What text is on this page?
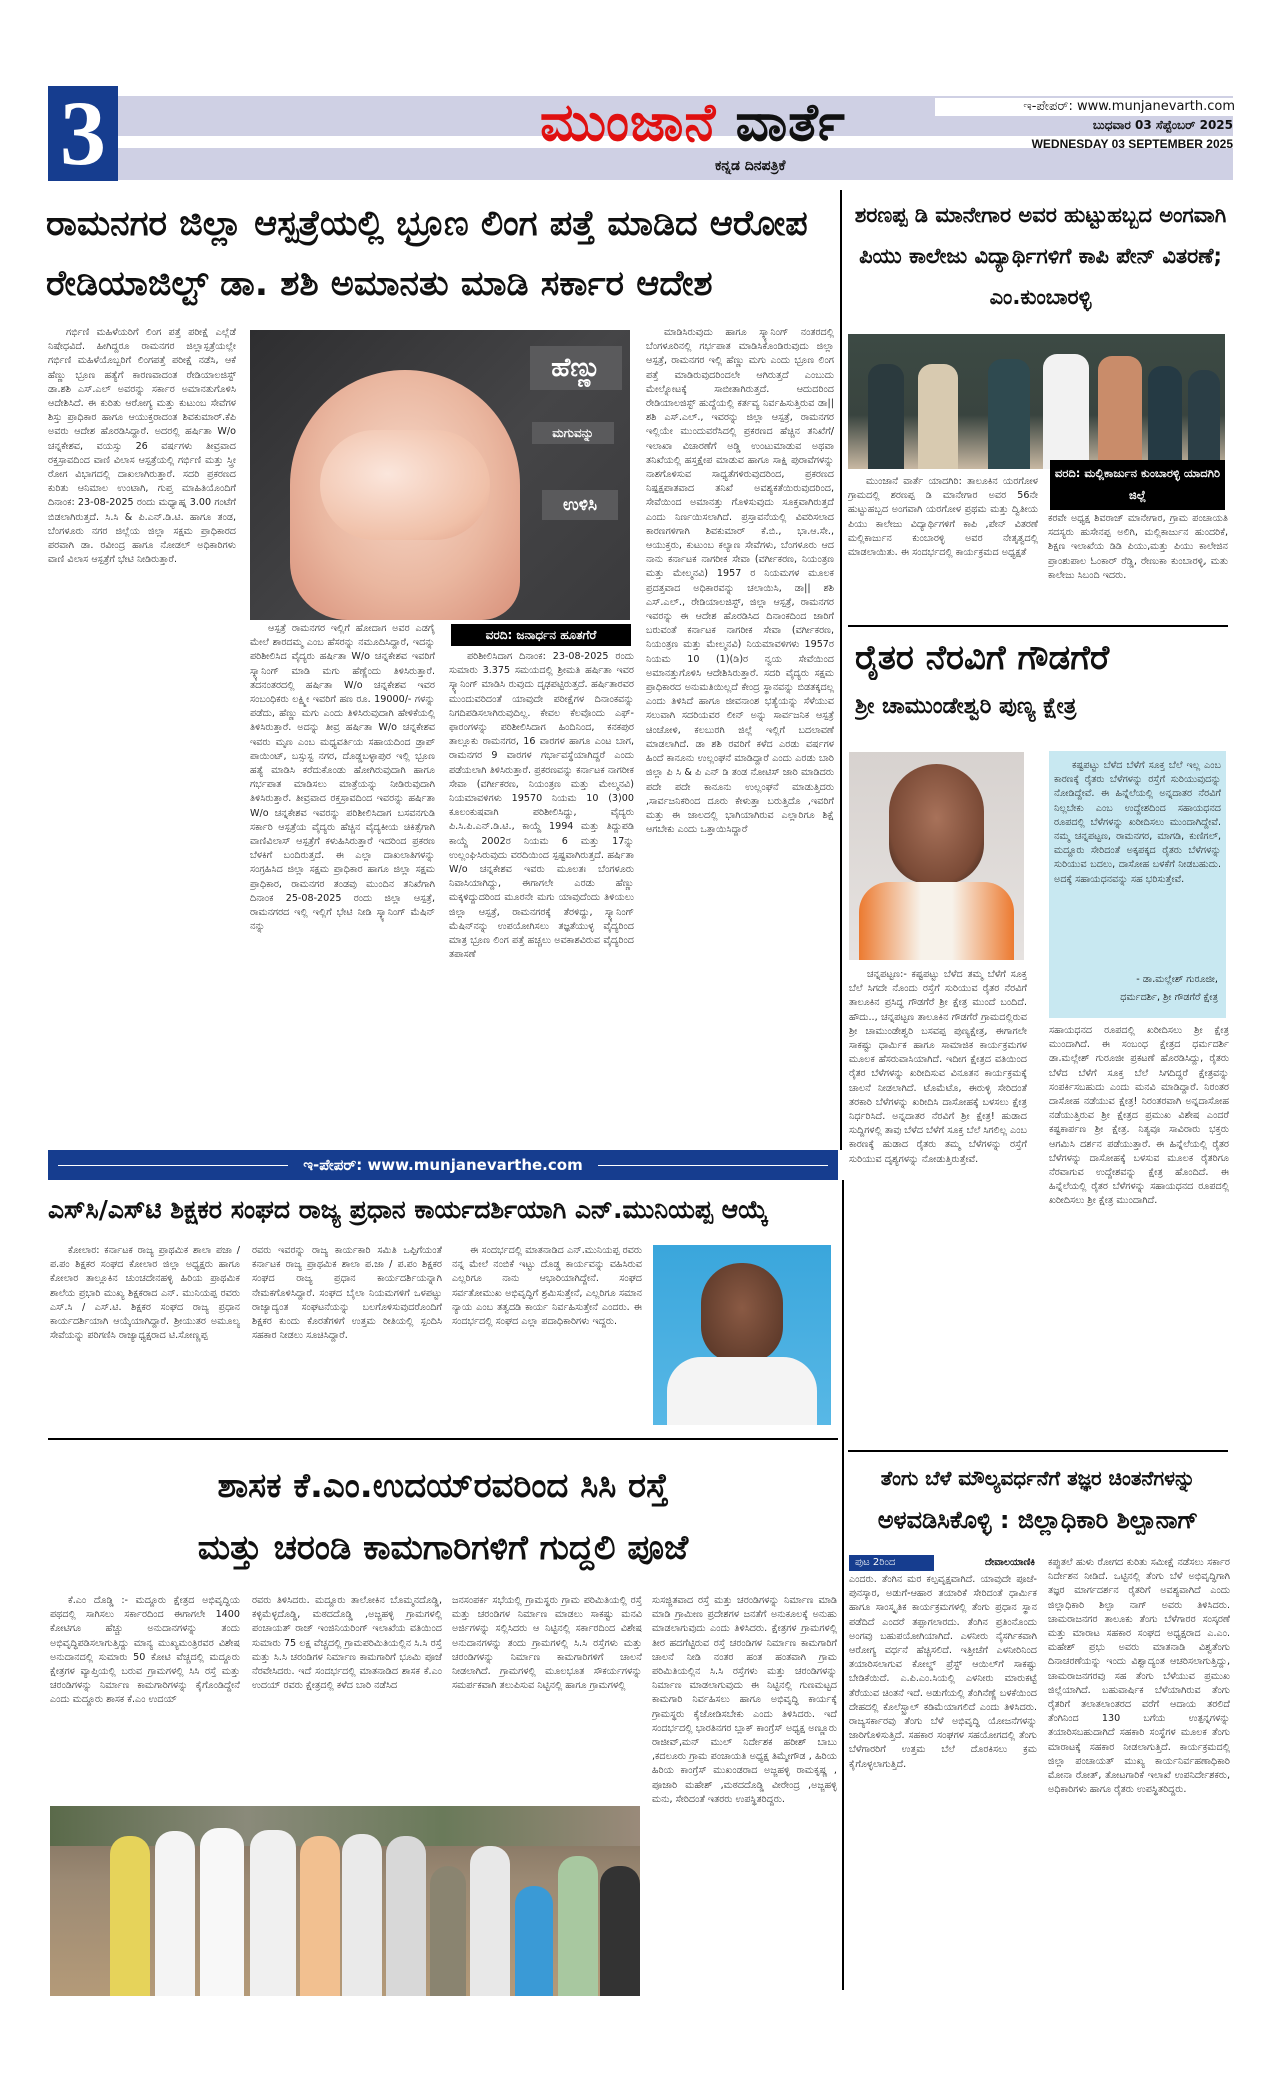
3	ಮುಂಜಾನೆ ವಾರ್ತೆ
ಕನ್ನಡ ದಿನಪತ್ರಿಕೆ
ಇ-ಪೇಪರ್: www.munjanevarth.com
ಬುಧವಾರ 03 ಸೆಪ್ಟೆಂಬರ್ 2025
WEDNESDAY 03 SEPTEMBER 2025
ರಾಮನಗರ ಜಿಲ್ಲಾ ಆಸ್ಪತ್ರೆಯಲ್ಲಿ ಭ್ರೂಣ ಲಿಂಗ ಪತ್ತೆ ಮಾಡಿದ ಆರೋಪ
ರೇಡಿಯಾಜಿಲ್ಟ್ ಡಾ. ಶಶಿ ಅಮಾನತು ಮಾಡಿ ಸರ್ಕಾರ ಆದೇಶ

ಗರ್ಭಿಣಿ ಮಹಿಳೆಯರಿಗೆ ಲಿಂಗ ಪತ್ತೆ ಪರೀಕ್ಷೆ ಎಲ್ಲೆಡೆ ನಿಷೇಧವಿದೆ. ಹೀಗಿದ್ದರೂ ರಾಮನಗರ ಜಿಲ್ಲಾಸ್ಪತ್ರೆಯಲ್ಲೇ ಗರ್ಭಿಣಿ ಮಹಿಳೆಯೊಬ್ಬರಿಗೆ ಲಿಂಗಪತ್ತೆ ಪರೀಕ್ಷೆ ನಡೆಸಿ, ಆಕೆ ಹೆಣ್ಣು ಭ್ರೂಣ ಹತ್ಯೆಗೆ ಕಾರಣವಾದಂತ ರೇಡಿಯಾಲಜಿಸ್ಟ್ ಡಾ.ಶಶಿ ಎಸ್.ಎಲ್ ಅವರನ್ನು ಸರ್ಕಾರ ಅಮಾನತುಗೊಳಿಸಿ ಆದೇಶಿಸಿದೆ. ಈ ಕುರಿತು ಆರೋಗ್ಯ ಮತ್ತು ಕುಟುಂಬ ಸೇವೆಗಳ ಶಿಸ್ತು ಪ್ರಾಧಿಕಾರ ಹಾಗೂ ಆಯುಕ್ತರಾದಂತ ಶಿವಕುಮಾರ್.ಕೆಪಿ ಅವರು ಆದೇಶ ಹೊರಡಿಸಿದ್ದಾರೆ. ಅದರಲ್ಲಿ ಹರ್ಷಿತಾ W/o ಚನ್ನಕೇಶವ, ವಯಸ್ಸು 26 ವರ್ಷಗಳು ತೀವ್ರವಾದ ರಕ್ತಸ್ರಾವದಿಂದ ವಾಣಿ ವಿಲಾಸ ಆಸ್ಪತ್ರೆಯಲ್ಲಿ ಗರ್ಭಿಣಿ ಮತ್ತು ಸ್ತ್ರೀ ರೋಗ ವಿಭಾಗದಲ್ಲಿ ದಾಖಲಾಗಿರುತ್ತಾರೆ. ಸದರಿ ಪ್ರಕರಣದ ಕುರಿತು ಆನಿಮಾಲ ಉಂಟಾಗಿ, ಗುಪ್ತ ಮಾಹಿತಿಯೊಂದಿಗೆ ದಿನಾಂಕ: 23-08-2025 ರಂದು ಮಧ್ಯಾಹ್ನ 3.00 ಗಂಟೆಗೆ ಬಿಡಲಾಗಿರುತ್ತದೆ. ಸಿ.ಸಿ & ಪಿ.ಎನ್.ಡಿ.ಟಿ. ಹಾಗೂ ತಂಡ, ಬೆಂಗಳೂರು ನಗರ ಜಿಲ್ಲೆಯ ಜಿಲ್ಲಾ ಸಕ್ಷಮ ಪ್ರಾಧಿಕಾರದ ಪರವಾಗಿ ಡಾ. ರವೀಂದ್ರ ಹಾಗೂ ನೋಡಲ್ ಅಧಿಕಾರಿಗಳು ವಾಣಿ ವಿಲಾಸ ಆಸ್ಪತ್ರೆಗೆ ಭೇಟಿ ನೀಡಿರುತ್ತಾರೆ.

ಹೆಣ್ಣು
ಮಗುವನ್ನು
ಉಳಿಸಿ

ಆಸ್ಪತ್ರೆ ರಾಮನಗರ ಇಲ್ಲಿಗೆ ಹೋದಾಗ ಅವರ ಎಡಗೈ ಮೇಲೆ ಶಾರದಮ್ಮ ಎಂಬ ಹೆಸರನ್ನು ನಮೂದಿಸಿದ್ದಾರೆ, ಇದನ್ನು ಪರಿಶೀಲಿಸಿದ ವೈದ್ಯರು ಹರ್ಷಿತಾ W/o ಚನ್ನಕೇಶವ ಇವರಿಗೆ ಸ್ಕ್ಯಾನಿಂಗ್ ಮಾಡಿ ಮಗು ಹೆಣ್ಣೆಂದು ತಿಳಿಸಿರುತ್ತಾರೆ. ತದನಂತರದಲ್ಲಿ ಹರ್ಷಿತಾ W/o ಚನ್ನಕೇಶವ ಇವರ ಸಂಬಂಧಿಕರು ಲಕ್ಷ್ಮೀ ಇವರಿಗೆ ಹಣ ರೂ. 19000/- ಗಳನ್ನು ಪಡೆದು, ಹೆಣ್ಣು ಮಗು ಎಂದು ತಿಳಿಸಿರುವುದಾಗಿ ಹೇಳಿಕೆಯಲ್ಲಿ ತಿಳಿಸಿರುತ್ತಾರೆ. ಅದನ್ನು ತೀವ್ರ ಹರ್ಷಿತಾ W/o ಚನ್ನಕೇಶವ ಇವರು ಮೃಣ ಎಂಬ ಮಧ್ಯವರ್ತಿಯ ಸಹಾಯದಿಂದ ಡ್ರಾಪ್ ಪಾಯಿಂಟ್, ಬಸ್ಸುಸ್ಟ ನಗರ, ದೊಡ್ಡಬಳ್ಳಾಪುರ ಇಲ್ಲಿ ಭ್ರೂಣ ಹತ್ಯೆ ಮಾಡಿಸಿ ಕರೆದುಕೊಂಡು ಹೋಗಿರುವುದಾಗಿ ಹಾಗೂ ಗರ್ಭಪಾತ ಮಾಡಿಸಲು ಮಾತ್ರೆಯನ್ನು ನೀಡಿರುವುದಾಗಿ ತಿಳಿಸಿರುತ್ತಾರೆ. ತೀವ್ರವಾದ ರಕ್ತಸ್ರಾವದಿಂದ ಇವರನ್ನು ಹರ್ಷಿತಾ W/o ಚನ್ನಕೇಶವ ಇವರನ್ನು ಪರಿಶೀಲಿಸಿದಾಗ ಬಸವನಗುಡಿ ಸರ್ಕಾರಿ ಆಸ್ಪತ್ರೆಯ ವೈದ್ಯರು ಹೆಚ್ಚಿನ ವೈದ್ಯಕೀಯ ಚಿಕಿತ್ಸೆಗಾಗಿ ವಾಣಿವಿಲಾಸ್ ಆಸ್ಪತ್ರೆಗೆ ಕಳುಹಿಸಿರುತ್ತಾರೆ ಇದರಿಂದ ಪ್ರಕರಣ ಬೆಳಕಿಗೆ ಬಂದಿರುತ್ತದೆ. ಈ ಎಲ್ಲಾ ದಾಖಲಾತಿಗಳನ್ನು ಸಂಗ್ರಹಿಸಿದ ಜಿಲ್ಲಾ ಸಕ್ಷಮ ಪ್ರಾಧಿಕಾರ ಹಾಗೂ ಜಿಲ್ಲಾ ಸಕ್ಷಮ ಪ್ರಾಧಿಕಾರ, ರಾಮನಗರ ತಂಡವು ಮುಂದಿನ ತನಿಖೆಗಾಗಿ ದಿನಾಂಕ 25-08-2025 ರಂದು ಜಿಲ್ಲಾ ಆಸ್ಪತ್ರೆ, ರಾಮನಗರದ ಇಲ್ಲಿ ಇಲ್ಲಿಗೆ ಭೇಟಿ ನೀಡಿ ಸ್ಕ್ಯಾನಿಂಗ್ ಮೆಷಿನ್ ನನ್ನು

ವರದಿ: ಜನಾರ್ಧನ ಹೂತಗೆರೆ

ಪರಿಶೀಲಿಸಿದಾಗ ದಿನಾಂಕ: 23-08-2025 ರಂದು ಸುಮಾರು 3.375 ಸಮಯದಲ್ಲಿ ಶ್ರೀಮತಿ ಹರ್ಷಿತಾ ಇವರ ಸ್ಕ್ಯಾನಿಂಗ್ ಮಾಡಿಸಿ ರುವುದು ದೃಢಪಟ್ಟಿರುತ್ತದೆ. ಹರ್ಷಿತಾರವರ ಮುಂದುವರಿದಂತೆ ಯಾವುದೇ ಪರೀಕ್ಷೆಗಳ ದಿನಾಂಕವನ್ನು ನಿಗದಿಪಡಿಸಲಾಗಿರುವುದಿಲ್ಲ. ಕೇವಲ ಕೆಲವೊಂದು ಎಫ್-ಫಾರಂಗಳನ್ನು ಪರಿಶೀಲಿಸಿದಾಗ ಹಿಂದಿನಿಂದ, ಕನಕಪುರ ತಾಲ್ಲೂಕು ರಾಮನಗರ, 16 ವಾರಗಳ ಹಾಗೂ ಎಂಟ ಬಾಗ, ರಾಮನಗರ 9 ವಾರಗಳ ಗರ್ಭಾವಸ್ಥೆಯಾಗಿದ್ದರೆ ಎಂದು ಪಡೆಯಲಾಗಿ ತಿಳಿಸಿರುತ್ತಾರೆ. ಪ್ರಕರಣವನ್ನು ಕರ್ನಾಟಕ ನಾಗರೀಕ ಸೇವಾ (ವರ್ಗೀಕರಣ, ನಿಯಂತ್ರಣ ಮತ್ತು ಮೇಲ್ಮನವಿ) ನಿಯಮಾವಳಿಗಳು 19570 ನಿಯಮ 10 (3)00 ಕೂಲಂಕುಷವಾಗಿ ಪರಿಶೀಲಿಸಿದ್ದು, ವೈದ್ಯರು ಪಿ.ಸಿ.ಪಿ.ಎನ್.ಡಿ.ಟಿ., ಕಾಯ್ದೆ 1994 ಮತ್ತು ತಿದ್ದುಪಡಿ ಕಾಯ್ದೆ 2002ರ ನಿಯಮ 6 ಮತ್ತು 17ನ್ನು ಉಲ್ಲಂಘಿಸಿರುವುದು ವರದಿಯಿಂದ ಸ್ಪಷ್ಟವಾಗಿರುತ್ತದೆ. ಹರ್ಷಿತಾ W/o ಚನ್ನಕೇಶವ ಇವರು ಮೂಲತಃ ಬೆಂಗಳೂರು ನಿವಾಸಿಯಾಗಿದ್ದು, ಈಗಾಗಲೇ ಎರಡು ಹೆಣ್ಣು ಮಕ್ಕಳಿದ್ದುದರಿಂದ ಮೂರನೇ ಮಗು ಯಾವುದೆಂದು ತಿಳಿಯಲು ಜಿಲ್ಲಾ ಆಸ್ಪತ್ರೆ, ರಾಮನಗರಕ್ಕೆ ತೆರಳಿದ್ದು, ಸ್ಕ್ಯಾನಿಂಗ್ ಮೆಷಿನ್‌ನನ್ನು ಉಪಯೋಗಿಸಲು ತಜ್ಞತೆಯುಳ್ಳ ವೈದ್ಯರಿಂದ ಮಾತ್ರ ಭ್ರೂಣ ಲಿಂಗ ಪತ್ತೆ ಹಚ್ಚಲು ಅವಕಾಶವಿರುವ ವೈದ್ಯರಿಂದ ತಪಾಸಣೆ

ಮಾಡಿಸಿರುವುದು ಹಾಗೂ ಸ್ಕ್ಯಾನಿಂಗ್ ನಂತರದಲ್ಲಿ ಬೆಂಗಳೂರಿನಲ್ಲಿ ಗರ್ಭಪಾತ ಮಾಡಿಸಿಕೊಂಡಿರುವುದು ಜಿಲ್ಲಾ ಆಸ್ಪತ್ರೆ, ರಾಮನಗರ ಇಲ್ಲಿ ಹೆಣ್ಣು ಮಗು ಎಂದು ಭ್ರೂಣ ಲಿಂಗ ಪತ್ತೆ ಮಾಡಿರುವುದರಿಂದಲೇ ಆಗಿರುತ್ತದೆ ಎಂಬುದು ಮೇಲ್ನೋಟಕ್ಕೆ ಸಾಬೀತಾಗಿರುತ್ತದೆ. ಆದುದರಿಂದ ರೇಡಿಯಾಲಜಿಸ್ಟ್ ಹುದ್ದೆಯಲ್ಲಿ ಕರ್ತವ್ಯ ನಿರ್ವಹಿಸುತ್ತಿರುವ ಡಾ|| ಶಶಿ ಎಸ್.ಎಲ್., ಇವರನ್ನು ಜಿಲ್ಲಾ ಆಸ್ಪತ್ರೆ, ರಾಮನಗರ ಇಲ್ಲಿಯೇ ಮುಂದುವರೆಸಿದಲ್ಲಿ ಪ್ರಕರಣದ ಹೆಚ್ಚಿನ ತನಿಖೆಗೆ/ಇಲಾಖಾ ವಿಚಾರಣೆಗೆ ಅಡ್ಡಿ ಉಂಟುಮಾಡುವ ಅಥವಾ ತನಿಖೆಯಲ್ಲಿ ಹಸ್ತಕ್ಷೇಪ ಮಾಡುವ ಹಾಗೂ ಸಾಕ್ಷಿ ಪುರಾವೆಗಳನ್ನು ನಾಶಗೊಳಿಸುವ ಸಾಧ್ಯತೆಗಳಿರುವುದರಿಂದ, ಪ್ರಕರಣದ ನಿಷ್ಪಕ್ಷಪಾತವಾದ ತನಿಖೆ ಅವಶ್ಯಕತೆಯಿರುವುದರಿಂದ, ಸೇವೆಯಿಂದ ಅಮಾನತ್ತು ಗೊಳಿಸುವುದು ಸೂಕ್ತವಾಗಿರುತ್ತದೆ ಎಂದು ನಿರ್ಣಯಿಸಲಾಗಿದೆ. ಪ್ರಸ್ತಾವನೆಯಲ್ಲಿ ವಿವರಿಸಲಾದ ಕಾರಣಗಳಿಗಾಗಿ ಶಿವಕುಮಾರ್ ಕೆ.ಬಿ., ಭಾ.ಆ.ಸೇ., ಆಯುಕ್ತರು, ಕುಟುಂಬ ಕಲ್ಯಾಣ ಸೇವೆಗಳು, ಬೆಂಗಳೂರು ಆದ ನಾನು ಕರ್ನಾಟಕ ನಾಗರೀಕ ಸೇವಾ (ವರ್ಗೀಕರಣ, ನಿಯಂತ್ರಣ ಮತ್ತು ಮೇಲ್ಮನವಿ) 1957 ರ ನಿಯಮಗಳ ಮೂಲಕ ಪ್ರದತ್ತವಾದ ಅಧಿಕಾರವನ್ನು ಚಲಾಯಿಸಿ, ಡಾ|| ಶಶಿ ಎಸ್.ಎಲ್., ರೇಡಿಯಾಲಜಿಸ್ಟ್, ಜಿಲ್ಲಾ ಆಸ್ಪತ್ರೆ, ರಾಮನಗರ ಇವರನ್ನು ಈ ಆದೇಶ ಹೊರಡಿಸಿದ ದಿನಾಂಕದಿಂದ ಜಾರಿಗೆ ಬರುವಂತೆ ಕರ್ನಾಟಕ ನಾಗರೀಕ ಸೇವಾ (ವರ್ಗೀಕರಣ, ನಿಯಂತ್ರಣ ಮತ್ತು ಮೇಲ್ಮನವಿ) ನಿಯಮಾವಳಿಗಳು 1957ರ ನಿಯಮ 10 (1)(ಡಿ)ರ ನ್ವಯ ಸೇವೆಯಿಂದ ಅಮಾನತ್ತುಗೊಳಿಸಿ ಆದೇಶಿಸಿರುತ್ತಾರೆ. ಸದರಿ ವೈದ್ಯರು ಸಕ್ಷಮ ಪ್ರಾಧಿಕಾರದ ಅನುಮತಿಯಿಲ್ಲದೆ ಕೇಂದ್ರ ಸ್ಥಾನವನ್ನು ಬಿಡತಕ್ಕದಲ್ಲ ಎಂದು ತಿಳಿಸಿದೆ ಹಾಗೂ ಜೀವನಾಂಶ ಭತ್ಯೆಯನ್ನು ಸೆಳೆಯುವ ಸಲುವಾಗಿ ಸದರಿಯವರ ಲೀನ್ ಅನ್ನು ಸಾರ್ವಜನಿಕ ಆಸ್ಪತ್ರೆ ಚಿಂಚೋಳಿ, ಕಲಬುರಗಿ ಜಿಲ್ಲೆ ಇಲ್ಲಿಗೆ ಬದಲಾವಣೆ ಮಾಡಲಾಗಿದೆ. ಡಾ ಶಶಿ ರವರಿಗೆ ಕಳೆದ ಎರಡು ವರ್ಷಗಳ ಹಿಂದೆ ಕಾನೂನು ಉಲ್ಲಂಘನೆ ಮಾಡಿದ್ದಾರೆ ಎಂದು ಎರಡು ಬಾರಿ ಜಿಲ್ಲಾ ಪಿ ಸಿ & ಪಿ ಎನ್ ಡಿ ತಂಡ ನೋಟಿಸ್ ಜಾರಿ ಮಾಡಿದರು ಪದೇ ಪದೇ ಕಾನೂನು ಉಲ್ಲಂಘನೆ ಮಾಡುತ್ತಿದರು ,ಸಾರ್ವಜನಿಕರಿಂದ ದೂರು ಕೇಳುತ್ತಾ ಬರುತ್ತಿದೊ ,ಇವರಿಗೆ ಮತ್ತು ಈ ಜಾಲದಲ್ಲಿ ಭಾಗಿಯಾಗಿರುವ ಎಲ್ಲಾರಿಗೂ ಶಿಕ್ಷೆ ಆಗಬೇಕು ಎಂದು ಒತ್ತಾಯಿಸಿದ್ದಾರೆ

ಶರಣಪ್ಪ ಡಿ ಮಾನೇಗಾರ ಅವರ ಹುಟ್ಟುಹಬ್ಬದ ಅಂಗವಾಗಿ ಪಿಯು ಕಾಲೇಜು ವಿದ್ಯಾರ್ಥಿಗಳಿಗೆ ಕಾಪಿ ಪೇನ್ ವಿತರಣೆ; ಎಂ.ಕುಂಬಾರಳ್ಳಿ
ವರದಿ: ಮಲ್ಲಿಕಾರ್ಜುನ ಕುಂಬಾರಳ್ಳಿ ಯಾದಗಿರಿ ಜಿಲ್ಲೆ

ಮುಂಜಾನೆ ವಾರ್ತೆ ಯಾದಗಿರಿ: ತಾಲೂಕಿನ ಯರಗೋಳ ಗ್ರಾಮದಲ್ಲಿ ಶರಣಪ್ಪ ಡಿ ಮಾನೇಗಾರ ಅವರ 56ನೇ ಹುಟ್ಟುಹಬ್ಬದ ಅಂಗವಾಗಿ ಯರಗೋಳ ಪ್ರಥಮ ಮತ್ತು ದ್ವಿತೀಯ ಪಿಯು ಕಾಲೇಜು ವಿದ್ಯಾರ್ಥಿಗಳಿಗೆ ಕಾಪಿ ,ಪೇನ್ ವಿತರಣೆ ಮಲ್ಲಿಕಾರ್ಜುನ ಕುಂಬಾರಳ್ಳಿ ಅವರ ನೇತೃತ್ವದಲ್ಲಿ ಮಾಡಲಾಯಿತು. ಈ ಸಂದರ್ಭದಲ್ಲಿ ಕಾರ್ಯಕ್ರಮದ ಅಧ್ಯಕ್ಷತೆ

ಕರವೇ ಅಧ್ಯಕ್ಷ ಶಿವರಾಜ್ ಮಾನೇಗಾರ, ಗ್ರಾಮ ಪಂಚಾಯತಿ ಸದಸ್ಯರು ಹುಸೇನಪ್ಪ ಅಲಿಗಿ, ಮಲ್ಲಿಕಾರ್ಜುನ ಹುಂದರಿಕೆ, ಶಿಕ್ಷಣ ಇಲಾಖೆಯ ಡಿಡಿ ಪಿಯು,ಮತ್ತು ಪಿಯು ಕಾಲೇಜಿನ ಪ್ರಾಂಶುಪಾಲ ಓಂಕಾರ್ ರೆಡ್ಡಿ, ರೇಣುಕಾ ಕುಂಬಾರಳ್ಳಿ, ಮತು ಕಾಲೇಜು ಸಿಬಂದಿ ಇದರು.

ರೈತರ ನೆರವಿಗೆ ಗೌಡಗೆರೆ
ಶ್ರೀ ಚಾಮುಂಡೇಶ್ವರಿ ಪುಣ್ಯ ಕ್ಷೇತ್ರ

ಚನ್ನಪಟ್ಟಣ:- ಕಷ್ಟಪಟ್ಟು ಬೆಳೆದ ತಮ್ಮ ಬೆಳೆಗೆ ಸೂಕ್ತ ಬೆಲೆ ಸಿಗದೇ ನೊಂದು ರಸ್ತೆಗೆ ಸುರಿಯುವ ರೈತರ ನೆರವಿಗೆ ತಾಲೂಕಿನ ಪ್ರಸಿದ್ಧ ಗೌಡಗೆರೆ ಶ್ರೀ ಕ್ಷೇತ್ರ ಮುಂದೆ ಬಂದಿದೆ. ಹೌದು.., ಚನ್ನಪಟ್ಟಣ ತಾಲೂಕಿನ ಗೌಡಗೆರೆ ಗ್ರಾಮದಲ್ಲಿರುವ ಶ್ರೀ ಚಾಮುಂಡೇಶ್ವರಿ ಬಸವಪ್ಪ ಪುಣ್ಯಕ್ಷೇತ್ರ, ಈಗಾಗಲೇ ಸಾಕಷ್ಟು ಧಾರ್ಮಿಕ ಹಾಗೂ ಸಾಮಾಜಿಕ ಕಾರ್ಯಕ್ರಮಗಳ ಮೂಲಕ ಹೆಸರುವಾಸಿಯಾಗಿದೆ. ಇದೀಗ ಕ್ಷೇತ್ರದ ವತಿಯಿಂದ ರೈತರ ಬೆಳೆಗಳನ್ನು ಖರೀದಿಸುವ ವಿನೂತನ ಕಾರ್ಯಕ್ರಮಕ್ಕೆ ಚಾಲನೆ ನೀಡಲಾಗಿದೆ. ಟೊಮೆಟೊ, ಈರುಳ್ಳಿ ಸೇರಿದಂತೆ ತರಕಾರಿ ಬೆಳೆಗಳನ್ನು ಖರೀದಿಸಿ ದಾಸೋಹಕ್ಕೆ ಬಳಸಲು ಕ್ಷೇತ್ರ ನಿರ್ಧರಿಸಿದೆ. ಅನ್ನದಾತರ ನೆರವಿಗೆ ಶ್ರೀ ಕ್ಷೇತ್ರ! ಹುಡಾದ ಸುದ್ದಿಗಳಲ್ಲಿ ತಾವು ಬೆಳೆದ ಬೆಳೆಗೆ ಸೂಕ್ತ ಬೆಲೆ ಸಿಗಲಿಲ್ಲ ಎಂಬ ಕಾರಣಕ್ಕೆ ಹುಡಾದ ರೈತರು ತಮ್ಮ ಬೆಳೆಗಳನ್ನು ರಸ್ತೆಗೆ ಸುರಿಯುವ ದೃಶ್ಯಗಳನ್ನು ನೋಡುತ್ತಿರುತ್ತೇವೆ.

ಕಷ್ಟಪಟ್ಟು ಬೆಳೆದ ಬೆಳೆಗೆ ಸೂಕ್ತ ಬೆಲೆ ಇಲ್ಲ ಎಂಬ ಕಾರಣಕ್ಕೆ ರೈತರು ಬೆಳೆಗಳನ್ನು ರಸ್ತೆಗೆ ಸುರಿಯುವುದನ್ನು ನೋಡಿದ್ದೇವೆ. ಈ ಹಿನ್ನೆಲೆಯಲ್ಲಿ ಅನ್ನದಾತರ ನೆರವಿಗೆ ನಿಲ್ಲಬೇಕು ಎಂಬ ಉದ್ದೇಶದಿಂದ ಸಹಾಯಧನದ ರೂಪದಲ್ಲಿ ಬೆಳೆಗಳನ್ನು ಖರೀದಿಸಲು ಮುಂದಾಗಿದ್ದೇವೆ. ನಮ್ಮ ಚನ್ನಪಟ್ಟಣ, ರಾಮನಗರ, ಮಾಗಡಿ, ಕುಣಿಗಲ್, ಮದ್ದೂರು ಸೇರಿದಂತೆ ಅಕ್ಕಪಕ್ಕದ ರೈತರು ಬೆಳೆಗಳನ್ನು ಸುರಿಯುವ ಬದಲು, ದಾಸೋಹ ಬಳಕೆಗೆ ನೀಡಬಹುದು. ಅದಕ್ಕೆ ಸಹಾಯಧನವನ್ನು ಸಹ ಭರಿಸುತ್ತೇವೆ.

- ಡಾ.ಮಲ್ಲೇಶ್ ಗುರೂಜೀ,
ಧರ್ಮದರ್ಶಿ, ಶ್ರೀ ಗೌಡಗೆರೆ ಕ್ಷೇತ್ರ

ಸಹಾಯಧನದ ರೂಪದಲ್ಲಿ ಖರೀದಿಸಲು ಶ್ರೀ ಕ್ಷೇತ್ರ ಮುಂದಾಗಿದೆ. ಈ ಸಂಬಂಧ ಕ್ಷೇತ್ರದ ಧರ್ಮದರ್ಶಿ ಡಾ.ಮಲ್ಲೇಶ್ ಗುರೂಜೀ ಪ್ರಕಟಣೆ ಹೊರಡಿಸಿದ್ದು, ರೈತರು ಬೆಳೆದ ಬೆಳೆಗೆ ಸೂಕ್ತ ಬೆಲೆ ಸಿಗದಿದ್ದರೆ ಕ್ಷೇತ್ರವನ್ನು ಸಂಪರ್ಕಿಸಬಹುದು ಎಂದು ಮನವಿ ಮಾಡಿದ್ದಾರೆ. ನಿರಂತರ ದಾಸೋಹ ನಡೆಯುವ ಕ್ಷೇತ್ರ! ನಿರಂತರವಾಗಿ ಅನ್ನದಾಸೋಹ ನಡೆಯುತ್ತಿರುವ ಶ್ರೀ ಕ್ಷೇತ್ರದ ಪ್ರಮುಖ ವಿಶೇಷ ಎಂದರೆ ಕಷ್ಟಕಾರ್ಪಣ ಶ್ರೀ ಕ್ಷೇತ್ರ. ನಿತ್ಯವೂ ಸಾವಿರಾರು ಭಕ್ತರು ಆಗಮಿಸಿ ದರ್ಶನ ಪಡೆಯುತ್ತಾರೆ. ಈ ಹಿನ್ನೆಲೆಯಲ್ಲಿ ರೈತರ ಬೆಳೆಗಳನ್ನು ದಾಸೋಹಕ್ಕೆ ಬಳಸುವ ಮೂಲಕ ರೈತರಿಗೂ ನೆರವಾಗುವ ಉದ್ದೇಶವನ್ನು ಕ್ಷೇತ್ರ ಹೊಂದಿದೆ. ಈ ಹಿನ್ನೆಲೆಯಲ್ಲಿ ರೈತರ ಬೆಳೆಗಳನ್ನು ಸಹಾಯಧನದ ರೂಪದಲ್ಲಿ ಖರೀದಿಸಲು ಶ್ರೀ ಕ್ಷೇತ್ರ ಮುಂದಾಗಿದೆ.

ಇ-ಪೇಪರ್: www.munjanevarthe.com
ಎಸ್‌ಸಿ/ಎಸ್‌ಟಿ ಶಿಕ್ಷಕರ ಸಂಘದ ರಾಜ್ಯ ಪ್ರಧಾನ ಕಾರ್ಯದರ್ಶಿಯಾಗಿ ಎನ್.ಮುನಿಯಪ್ಪ ಆಯ್ಕೆ

ಕೋಲಾರ: ಕರ್ನಾಟಕ ರಾಜ್ಯ ಪ್ರಾಥಮಿಕ ಶಾಲಾ ಪಜಾ / ಪ.ಪಂ ಶಿಕ್ಷಕರ ಸಂಘದ ಕೋಲಾರ ಜಿಲ್ಲಾ ಅಧ್ಯಕ್ಷರು ಹಾಗೂ ಕೋಲಾರ ತಾಲ್ಲೂಕಿನ ಚುಂಚದೇನಹಳ್ಳಿ ಹಿರಿಯ ಪ್ರಾಥಮಿಕ ಶಾಲೆಯ ಪ್ರಭಾರಿ ಮುಖ್ಯ ಶಿಕ್ಷಕರಾದ ಎನ್. ಮುನಿಯಪ್ಪ ರವರು ಎಸ್.ಸಿ / ಎಸ್.ಟಿ. ಶಿಕ್ಷಕರ ಸಂಘದ ರಾಜ್ಯ ಪ್ರಧಾನ ಕಾರ್ಯದರ್ಶಿಯಾಗಿ ಆಯ್ಕೆಯಾಗಿದ್ದಾರೆ. ಶ್ರೀಯುತರ ಅಮೂಲ್ಯ ಸೇವೆಯನ್ನು ಪರಿಗಣಿಸಿ ರಾಜ್ಯಾಧ್ಯಕ್ಷರಾದ ಟಿ.ಸೋಣ್ಣಪ್ಪ

ರವರು ಇವರನ್ನು ರಾಜ್ಯ ಕಾರ್ಯಕಾರಿ ಸಮಿತಿ ಒಪ್ಪಿಗೆಯಂತೆ ಕರ್ನಾಟಕ ರಾಜ್ಯ ಪ್ರಾಥಮಿಕ ಶಾಲಾ ಪ.ಜಾ / ಪ.ಪಂ ಶಿಕ್ಷಕರ ಸಂಘದ ರಾಜ್ಯ ಪ್ರಧಾನ ಕಾರ್ಯದರ್ಶಿಯನ್ನಾಗಿ ನೇಮಕಗೊಳಿಸಿದ್ದಾರೆ. ಸಂಘದ ಬೈಲಾ ನಿಯಮಗಳಿಗೆ ಒಳಪಟ್ಟು ರಾಜ್ಯಾದ್ಯಂತ ಸಂಘಟನೆಯನ್ನು ಬಲಗೊಳಿಸುವುದರೊಂದಿಗೆ ಶಿಕ್ಷಕರ ಕುಂದು ಕೊರತೆಗಳಿಗೆ ಉತ್ತಮ ರೀತಿಯಲ್ಲಿ ಸ್ಪಂದಿಸಿ ಸಹಕಾರ ನೀಡಲು ಸೂಚಿಸಿದ್ದಾರೆ.

ಈ ಸಂದರ್ಭದಲ್ಲಿ ಮಾತನಾಡಿದ ಎನ್.ಮುನಿಯಪ್ಪ ರವರು ನನ್ನ ಮೇಲೆ ನಂಬಿಕೆ ಇಟ್ಟು ದೊಡ್ಡ ಕಾರ್ಯವನ್ನು ವಹಿಸಿರುವ ಎಲ್ಲರಿಗೂ ನಾನು ಆಭಾರಿಯಾಗಿದ್ದೇನೆ. ಸಂಘದ ಸರ್ವತೋಮುಖ ಅಭಿವೃದ್ಧಿಗೆ ಶ್ರಮಿಸುತ್ತೇನೆ, ಎಲ್ಲರಿಗೂ ಸಮಾನ ನ್ಯಾಯ ಎಂಬ ತತ್ವದಡಿ ಕಾರ್ಯ ನಿರ್ವಹಿಸುತ್ತೇನೆ ಎಂದರು. ಈ ಸಂದರ್ಭದಲ್ಲಿ ಸಂಘದ ಎಲ್ಲಾ ಪದಾಧಿಕಾರಿಗಳು ಇದ್ದರು.

ಶಾಸಕ ಕೆ.ಎಂ.ಉದಯ್‌ರವರಿಂದ ಸಿಸಿ ರಸ್ತೆ
ಮತ್ತು ಚರಂಡಿ ಕಾಮಗಾರಿಗಳಿಗೆ ಗುದ್ದಲಿ ಪೂಜೆ

ಕೆ.ಎಂ ದೊಡ್ಡಿ :- ಮದ್ದೂರು ಕ್ಷೇತ್ರದ ಅಭಿವೃದ್ಧಿಯ ಪಥದಲ್ಲಿ ಸಾಗಿಸಲು ಸರ್ಕಾರದಿಂದ ಈಗಾಗಲೇ 1400 ಕೋಟಿಗೂ ಹೆಚ್ಚು ಅನುದಾನಗಳನ್ನು ತಂದು ಅಭಿವೃದ್ಧಿಪಡಿಸಲಾಗುತ್ತಿದ್ದು ಮಾನ್ಯ ಮುಖ್ಯಮಂತ್ರಿರವರ ವಿಶೇಷ ಅನುದಾನದಲ್ಲಿ ಸುಮಾರು 50 ಕೋಟಿ ವೆಚ್ಚದಲ್ಲಿ ಮದ್ದೂರು ಕ್ಷೇತ್ರಗಳ ವ್ಯಾಪ್ತಿಯಲ್ಲಿ ಬರುವ ಗ್ರಾಮಗಳಲ್ಲಿ ಸಿಸಿ ರಸ್ತೆ ಮತ್ತು ಚರಂಡಿಗಳನ್ನು ನಿರ್ಮಾಣ ಕಾಮಗಾರಿಗಳನ್ನು ಕೈಗೊಂಡಿದ್ದೇನೆ ಎಂದು ಮದ್ದೂರು ಶಾಸಕ ಕೆ.ಎಂ ಉದಯ್

ರವರು ತಿಳಿಸಿದರು. ಮದ್ದೂರು ತಾಲೋಕಿನ ಬೊಮ್ಮನದೊಡ್ಡಿ, ಕಳ್ಳಿಮೆಳ್ಳದೊಡ್ಡಿ, ಮಠದದೊಡ್ಡಿ ,ಅಜ್ಜಹಳ್ಳಿ ಗ್ರಾಮಗಳಲ್ಲಿ ಪಂಚಾಯತ್ ರಾಜ್ ಇಂಜಿನಿಯರಿಂಗ್ ಇಲಾಖೆಯ ವತಿಯಿಂದ ಸುಮಾರು 75 ಲಕ್ಷ ವೆಚ್ಚದಲ್ಲಿ ಗ್ರಾಮಪರಿಮಿತಿಯಲ್ಲಿನ ಸಿ.ಸಿ ರಸ್ತೆ ಮತ್ತು ಸಿ.ಸಿ ಚರಂಡಿಗಳ ನಿರ್ಮಾಣ ಕಾಮಗಾರಿಗೆ ಭೂಮಿ ಪೂಜೆ ನೆರವೇಸಿದರು. ಇದೆ ಸಂದರ್ಭದಲ್ಲಿ ಮಾತನಾಡಿದ ಶಾಸಕ ಕೆ.ಎಂ ಉದಯ್ ರವರು ಕ್ಷೇತ್ರದಲ್ಲಿ ಕಳೆದ ಬಾರಿ ನಡೆಸಿದ

ಜನಸಂಪರ್ಕ ಸಭೆಯಲ್ಲಿ ಗ್ರಾಮಸ್ಥರು ಗ್ರಾಮ ಪರಿಮಿತಿಯಲ್ಲಿ ರಸ್ತೆ ಮತ್ತು ಚರಂಡಿಗಳ ನಿರ್ಮಾಣ ಮಾಡಲು ಸಾಕಷ್ಟು ಮನವಿ ಅರ್ಜಿಗಳನ್ನು ಸಲ್ಲಿಸಿದರು ಆ ನಿಟ್ಟಿನಲ್ಲಿ ಸರ್ಕಾರದಿಂದ ವಿಶೇಷ ಅನುದಾನಗಳನ್ನು ತಂದು ಗ್ರಾಮಗಳಲ್ಲಿ ಸಿ.ಸಿ ರಸ್ತೆಗಳು ಮತ್ತು ಚರಂಡಿಗಳನ್ನು ನಿರ್ಮಾಣ ಕಾಮಗಾರಿಗಳಿಗೆ ಚಾಲನೆ ನೀಡಲಾಗಿದೆ. ಗ್ರಾಮಗಳಲ್ಲಿ ಮೂಲಭೂತ ಸೌಕರ್ಯಗಳನ್ನು ಸಮರ್ಪಕವಾಗಿ ತಲುಪಿಸುವ ನಿಟ್ಟಿನಲ್ಲಿ ಹಾಗೂ ಗ್ರಾಮಗಳಲ್ಲಿ

ಸುಸಜ್ಜಿತವಾದ ರಸ್ತೆ ಮತ್ತು ಚರಂಡಿಗಳನ್ನು ನಿರ್ಮಾಣ ಮಾಡಿ ಮಾಡಿ ಗ್ರಾಮೀಣ ಪ್ರದೇಶಗಳ ಜನತೆಗೆ ಅನುಕೂಲಕ್ಕೆ ಅನುಹು ಮಾಡಲಾಗುವುದು ಎಂದು ತಿಳಿಸಿದರು. ಕ್ಷೇತ್ರಗಳ ಗ್ರಾಮಗಳಲ್ಲಿ ತೀರ ಹದಗೆಟ್ಟಿರುವ ರಸ್ತೆ ಚರಂಡಿಗಳ ನಿರ್ಮಾಣ ಕಾಮಗಾರಿಗೆ ಚಾಲನೆ ನೀಡಿ ನಂತರ ಹಂತ ಹಂತವಾಗಿ ಗ್ರಾಮ ಪರಿಮಿತಿಯಲ್ಲಿನ ಸಿ.ಸಿ ರಸ್ತೆಗಳು ಮತ್ತು ಚರಂಡಿಗಳನ್ನು ನಿರ್ಮಾಣ ಮಾಡಲಾಗುವುದು ಈ ನಿಟ್ಟಿನಲ್ಲಿ ಗುಣಮಟ್ಟದ ಕಾಮಗಾರಿ ನಿರ್ವಹಿಸಲು ಹಾಗೂ ಅಭಿವೃದ್ಧಿ ಕಾರ್ಯಕ್ಕೆ ಗ್ರಾಮಸ್ಥರು ಕೈಜೋಡಿಸಬೇಕು ಎಂದು ತಿಳಿಸಿದರು. ಇದೆ ಸಂದರ್ಭದಲ್ಲಿ ಭಾರತಿನಗರ ಬ್ಲಾಕ್ ಕಾಂಗ್ರೆಸ್ ಅಧ್ಯಕ್ಷ ಅಣ್ಣೂರು ರಾಜೀವ್,ಮನ್ ಮುಲ್ ನಿರ್ದೇಶಕ ಹರೀಶ್ ಬಾಬು ,ಕದಲೂರು ಗ್ರಾಮ ಪಂಚಾಯತಿ ಅಧ್ಯಕ್ಷ ತಿಮ್ಮೇಗೌಡ , ಹಿರಿಯ ಹಿರಿಯ ಕಾಂಗ್ರೆಸ್ ಮುಖಂಡರಾದ ಅಜ್ಜಹಳ್ಳಿ ರಾಮಕೃಷ್ಣ , ಪೂಜಾರಿ ಮಹೇಶ್ ,ಮಠದದೊಡ್ಡಿ ವೀರೇಂದ್ರ ,ಅಜ್ಜಹಳ್ಳಿ ಮನು, ಸೇರಿದಂತೆ ಇತರರು ಉಪಸ್ಥಿತರಿದ್ದರು.

ತೆಂಗು ಬೆಳೆ ಮೌಲ್ಯವರ್ಧನೆಗೆ ತಜ್ಞರ ಚಿಂತನೆಗಳನ್ನು
ಅಳವಡಿಸಿಕೊಳ್ಳಿ : ಜಿಲ್ಲಾಧಿಕಾರಿ ಶಿಲ್ಪಾನಾಗ್
ಪುಟ 2ರಿಂದ	ದೇವಾಲಯಾಣಿಕಿ

ಎಂದರು. ತೆಂಗಿನ ಮರ ಕಲ್ಪವೃಕ್ಷವಾಗಿದೆ. ಯಾವುದೇ ಪೂಜೆ-ಪುನಸ್ಕಾರ, ಅಡುಗೆ-ಆಹಾರ ತಯಾರಿಕೆ ಸೇರಿದಂತೆ ಧಾರ್ಮಿಕ ಹಾಗೂ ಸಾಂಸ್ಕೃತಿಕ ಕಾರ್ಯಕ್ರಮಗಳಲ್ಲಿ ತೆಂಗು ಪ್ರಧಾನ ಸ್ಥಾನ ಪಡೆದಿದೆ ಎಂದರೆ ತಪ್ಪಾಗಲಾರದು. ತೆಂಗಿನ ಪ್ರತಿಂನೊಂದು ಅಂಗವು ಬಹುಪಯೋಗಿಯಾಗಿದೆ. ಎಳನೀರು ನೈಸರ್ಗಿಕವಾಗಿ ಆರೋಗ್ಯ ವರ್ಧನೆ ಹೆಚ್ಚಿಸಲಿದೆ. ಇತ್ತೀಚೆಗೆ ಎಳನೀರಿನಿಂದ ತಯಾರಿಸಲಾಗುವ ಕೋಲ್ಡ್ ಪ್ರೆಸ್ಟ್ ಆಯಿಲ್‌ಗೆ ಸಾಕಷ್ಟು ಬೇಡಿಕೆಯಿದೆ. ಎ.ಪಿ.ಎಂ.ಸಿಯಲ್ಲಿ ಎಳನೀರು ಮಾರುಕಟ್ಟೆ ತೆರೆಯುವ ಚಿಂತನೆ ಇದೆ. ಅಡುಗೆಯಲ್ಲಿ ತೆಂಗಿನೆಣ್ಣೆ ಬಳಕೆಯಿಂದ ದೇಹದಲ್ಲಿ ಕೊಲೆಸ್ಟ್ರಾಲ್ ಕಡಿಮೆಯಾಗಲಿದೆ ಎಂದು ತಿಳಿಸಿದರು. ರಾಜ್ಯಸರ್ಕಾರವು ತೆಂಗು ಬೆಳೆ ಅಭಿವೃದ್ಧಿ ಯೋಜನೆಗಳನ್ನು ಜಾರಿಗೊಳಿಸುತ್ತಿದೆ. ಸಹಕಾರ ಸಂಘಗಳ ಸಹಯೋಗದಲ್ಲಿ ತೆಂಗು ಬೆಳೆಗಾರರಿಗೆ ಉತ್ತಮ ಬೆಲೆ ದೊರಕಿಸಲು ಕ್ರಮ ಕೈಗೊಳ್ಳಲಾಗುತ್ತಿದೆ.

ಕಪ್ಪುತಲೆ ಹುಳು ರೋಗದ ಕುರಿತು ಸಮೀಕ್ಷೆ ನಡೆಸಲು ಸರ್ಕಾರ ನಿರ್ದೇಶನ ನೀಡಿದೆ. ಒಟ್ಟಿನಲ್ಲಿ ತೆಂಗು ಬೆಳೆ ಅಭಿವೃದ್ಧಿಗಾಗಿ ತಜ್ಞರ ಮಾರ್ಗದರ್ಶನ ರೈತರಿಗೆ ಅವಶ್ಯವಾಗಿದೆ ಎಂದು ಜಿಲ್ಲಾಧಿಕಾರಿ ಶಿಲ್ಪಾ ನಾಗ್ ಅವರು ತಿಳಿಸಿದರು. ಚಾಮರಾಜನಗರ ತಾಲೂಕು ತೆಂಗು ಬೆಳೆಗಾರರ ಸಂಸ್ಕರಣೆ ಮತ್ತು ಮಾರಾಟ ಸಹಕಾರ ಸಂಘದ ಅಧ್ಯಕ್ಷರಾದ ಎ.ಎಂ. ಮಹೇಶ್ ಪ್ರಭು ಅವರು ಮಾತನಾಡಿ ವಿಶ್ವತೆಂಗು ದಿನಾಚರಣೆಯನ್ನು ಇಂದು ವಿಶ್ವಾದ್ಯಂತ ಆಚರಿಸಲಾಗುತ್ತಿದ್ದು, ಚಾಮರಾಜನಗರವು ಸಹ ತೆಂಗು ಬೆಳೆಯುವ ಪ್ರಮುಖ ಜಿಲ್ಲೆಯಾಗಿದೆ. ಬಹುವಾರ್ಷಿಕ ಬೆಳೆಯಾಗಿರುವ ತೆಂಗು ರೈತರಿಗೆ ತಲಾತಲಾಂತರದ ವರೆಗೆ ಆದಾಯ ತರಲಿದೆ ತೆಂಗಿನಿಂದ 130 ಬಗೆಯ ಉತ್ಪನ್ನಗಳನ್ನು ತಯಾರಿಸಬಹುದಾಗಿದೆ ಸಹಕಾರಿ ಸಂಸ್ಥೆಗಳ ಮೂಲಕ ತೆಂಗು ಮಾರಾಟಕ್ಕೆ ಸಹಕಾರ ನೀಡಲಾಗುತ್ತಿದೆ. ಕಾರ್ಯಕ್ರಮದಲ್ಲಿ ಜಿಲ್ಲಾ ಪಂಚಾಯತ್ ಮುಖ್ಯ ಕಾರ್ಯನಿರ್ವಹಣಾಧಿಕಾರಿ ಮೋನಾ ರೋತ್, ತೋಟಗಾರಿಕೆ ಇಲಾಖೆ ಉಪನಿರ್ದೇಶಕರು, ಅಧಿಕಾರಿಗಳು ಹಾಗೂ ರೈತರು ಉಪಸ್ಥಿತರಿದ್ದರು.
